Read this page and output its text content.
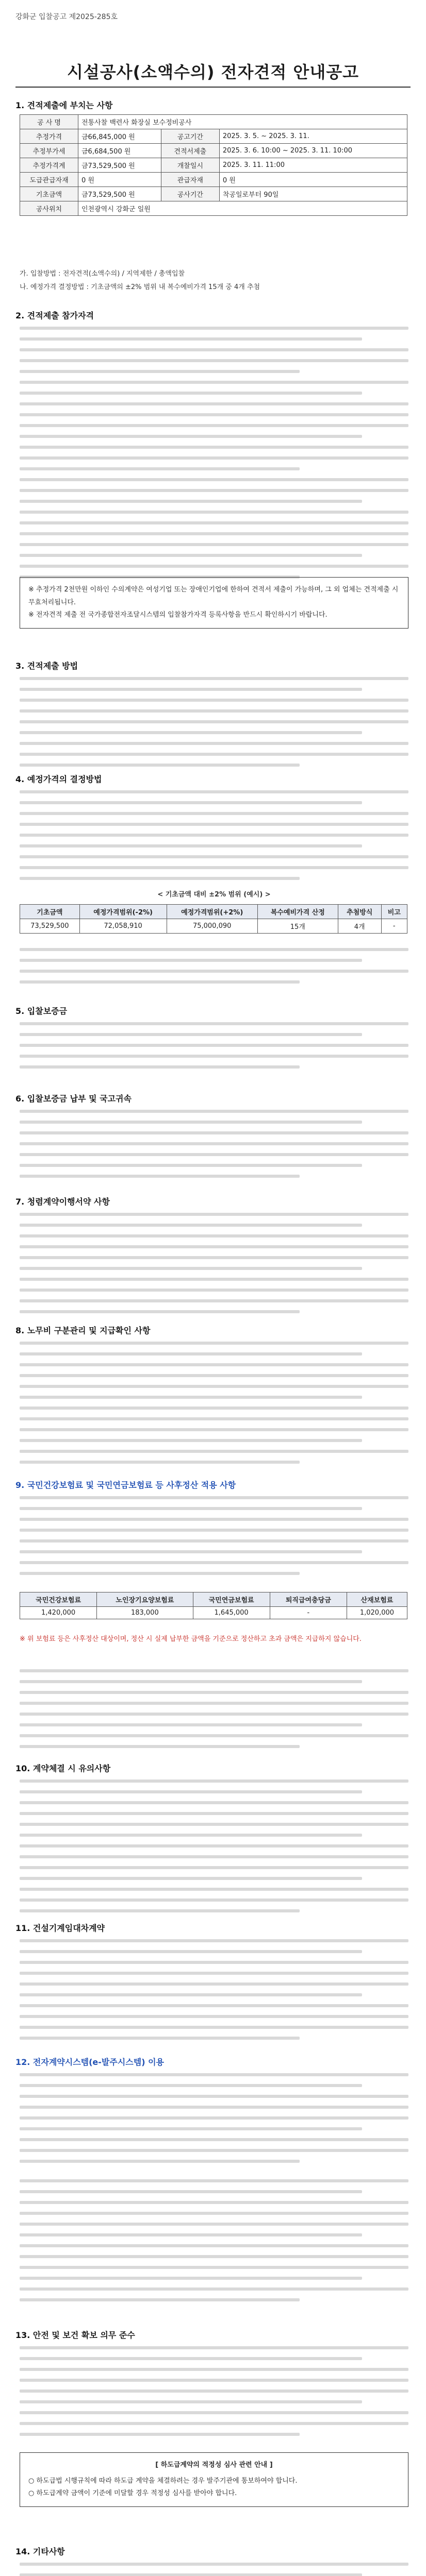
강화군 입찰공고 제2025-285호
시설공사(소액수의) 전자견적 안내공고
1. 견적제출에 부치는 사항
공 사 명	전통사찰 백련사 화장실 보수정비공사		
추정가격	금66,845,000 원	공고기간	2025. 3. 5. ~ 2025. 3. 11.
추정부가세	금6,684,500 원	견적서제출	2025. 3. 6. 10:00 ~ 2025. 3. 11. 10:00
추정가격계	금73,529,500 원	개찰일시	2025. 3. 11. 11:00
도급관급자재	0 원	관급자재	0 원
기초금액	금73,529,500 원	공사기간	착공일로부터 90일
공사위치	인천광역시 강화군 일원		
가. 입찰방법 : 전자견적(소액수의) / 지역제한 / 총액입찰
나. 예정가격 결정방법 : 기초금액의 ±2% 범위 내 복수예비가격 15개 중 4개 추첨
2. 견적제출 참가자격
※ 추정가격 2천만원 이하인 수의계약은 여성기업 또는 장애인기업에 한하여 견적서 제출이 가능하며, 그 외 업체는 견적제출 시 무효처리됩니다.
※ 전자견적 제출 전 국가종합전자조달시스템의 입찰참가자격 등록사항을 반드시 확인하시기 바랍니다.
3. 견적제출 방법
4. 예정가격의 결정방법
< 기초금액 대비 ±2% 범위 (예시) >
기초금액	예정가격범위(-2%)	예정가격범위(+2%)	복수예비가격 산정	추첨방식	비고
73,529,500	72,058,910	75,000,090	15개	4개	-
5. 입찰보증금
6. 입찰보증금 납부 및 국고귀속
7. 청렴계약이행서약 사항
8. 노무비 구분관리 및 지급확인 사항
9. 국민건강보험료 및 국민연금보험료 등 사후정산 적용 사항
국민건강보험료	노인장기요양보험료	국민연금보험료	퇴직급여충당금	산재보험료
1,420,000	183,000	1,645,000	-	1,020,000
※ 위 보험료 등은 사후정산 대상이며, 정산 시 실제 납부한 금액을 기준으로 정산하고 초과 금액은 지급하지 않습니다.
10. 계약체결 시 유의사항
11. 건설기계임대차계약
12. 전자계약시스템(e-발주시스템) 이용
13. 안전 및 보건 확보 의무 준수
[ 하도급계약의 적정성 심사 관련 안내 ]
○ 하도급법 시행규칙에 따라 하도급 계약을 체결하려는 경우 발주기관에 통보하여야 합니다.
○ 하도급계약 금액이 기준에 미달할 경우 적정성 심사를 받아야 합니다.
14. 기타사항
